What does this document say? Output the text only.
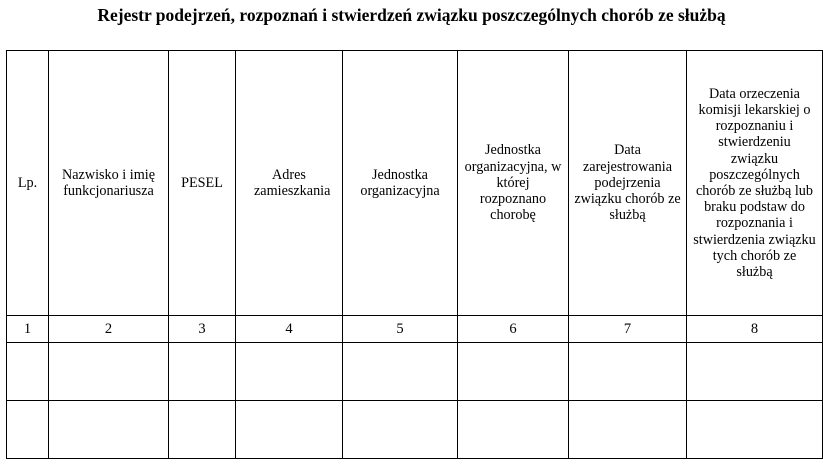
Rejestr podejrzeń, rozpoznań i stwierdzeń związku poszczególnych chorób ze służbą
Lp.	Nazwisko i imię funkcjonariusza	PESEL	Adres zamieszkania	Jednostka organizacyjna	Jednostka organizacyjna, w której rozpoznano chorobę	Data zarejestrowania podejrzenia związku chorób ze służbą	Data orzeczenia komisji lekarskiej o rozpoznaniu i stwierdzeniu związku poszczególnych chorób ze służbą lub braku podstaw do rozpoznania i stwierdzenia związku tych chorób ze służbą

1	2	3	4	5	6	7	8
